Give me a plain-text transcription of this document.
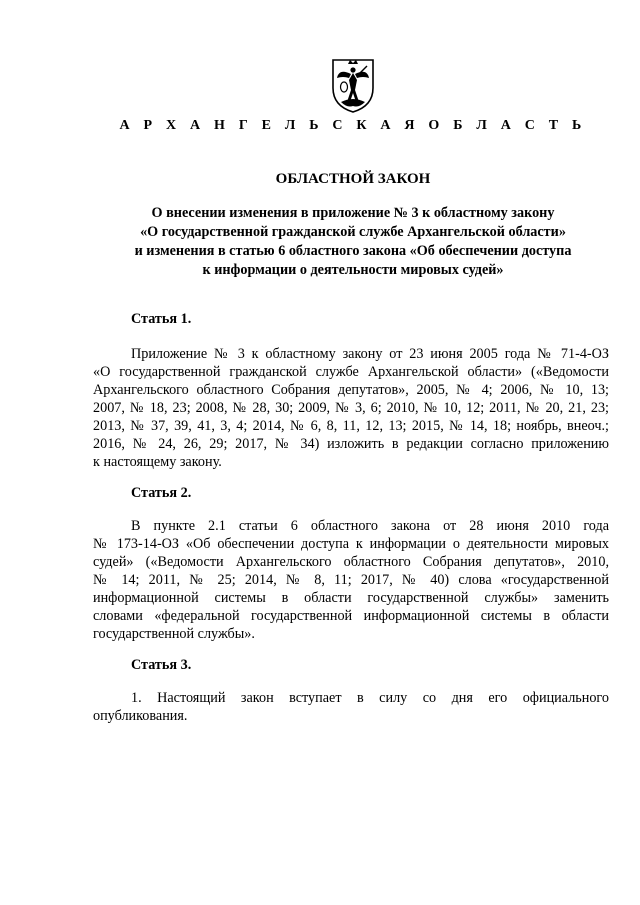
А Р Х А Н Г Е Л Ь С К А Я О Б Л А С Т Ь
ОБЛАСТНОЙ ЗАКОН
О внесении изменения в приложение № 3 к областному закону
«О государственной гражданской службе Архангельской области»
и изменения в статью 6 областного закона «Об обеспечении доступа
к информации о деятельности мировых судей»
Статья 1.
Приложение № 3 к областному закону от 23 июня 2005 года № 71-4-ОЗ
«О государственной гражданской службе Архангельской области» («Ведомости
Архангельского областного Собрания депутатов», 2005, № 4; 2006, № 10, 13;
2007, № 18, 23; 2008, № 28, 30; 2009, № 3, 6; 2010, № 10, 12; 2011, № 20, 21, 23;
2013, № 37, 39, 41, 3, 4; 2014, № 6, 8, 11, 12, 13; 2015, № 14, 18; ноябрь, внеоч.;
2016, № 24, 26, 29; 2017, № 34) изложить в редакции согласно приложению
к настоящему закону.
Статья 2.
В пункте 2.1 статьи 6 областного закона от 28 июня 2010 года
№ 173-14-ОЗ «Об обеспечении доступа к информации о деятельности мировых
судей» («Ведомости Архангельского областного Собрания депутатов», 2010,
№ 14; 2011, № 25; 2014, № 8, 11; 2017, № 40) слова «государственной
информационной системы в области государственной службы» заменить
словами «федеральной государственной информационной системы в области
государственной службы».
Статья 3.
1. Настоящий закон вступает в силу со дня его официального
опубликования.
